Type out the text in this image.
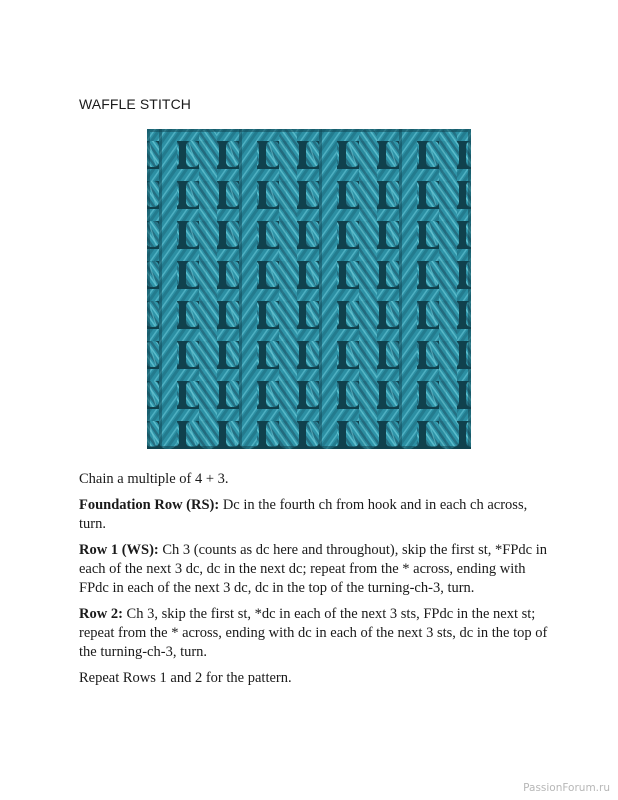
WAFFLE STITCH

Chain a multiple of 4 + 3.

Foundation Row (RS): Dc in the fourth ch from hook and in each ch across, turn.

Row 1 (WS): Ch 3 (counts as dc here and throughout), skip the first st, *FPdc in each of the next 3 dc, dc in the next dc; repeat from the * across, ending with FPdc in each of the next 3 dc, dc in the top of the turning-ch-3, turn.

Row 2: Ch 3, skip the first st, *dc in each of the next 3 sts, FPdc in the next st; repeat from the * across, ending with dc in each of the next 3 sts, dc in the top of the turning-ch-3, turn.

Repeat Rows 1 and 2 for the pattern.

PassionForum.ru
